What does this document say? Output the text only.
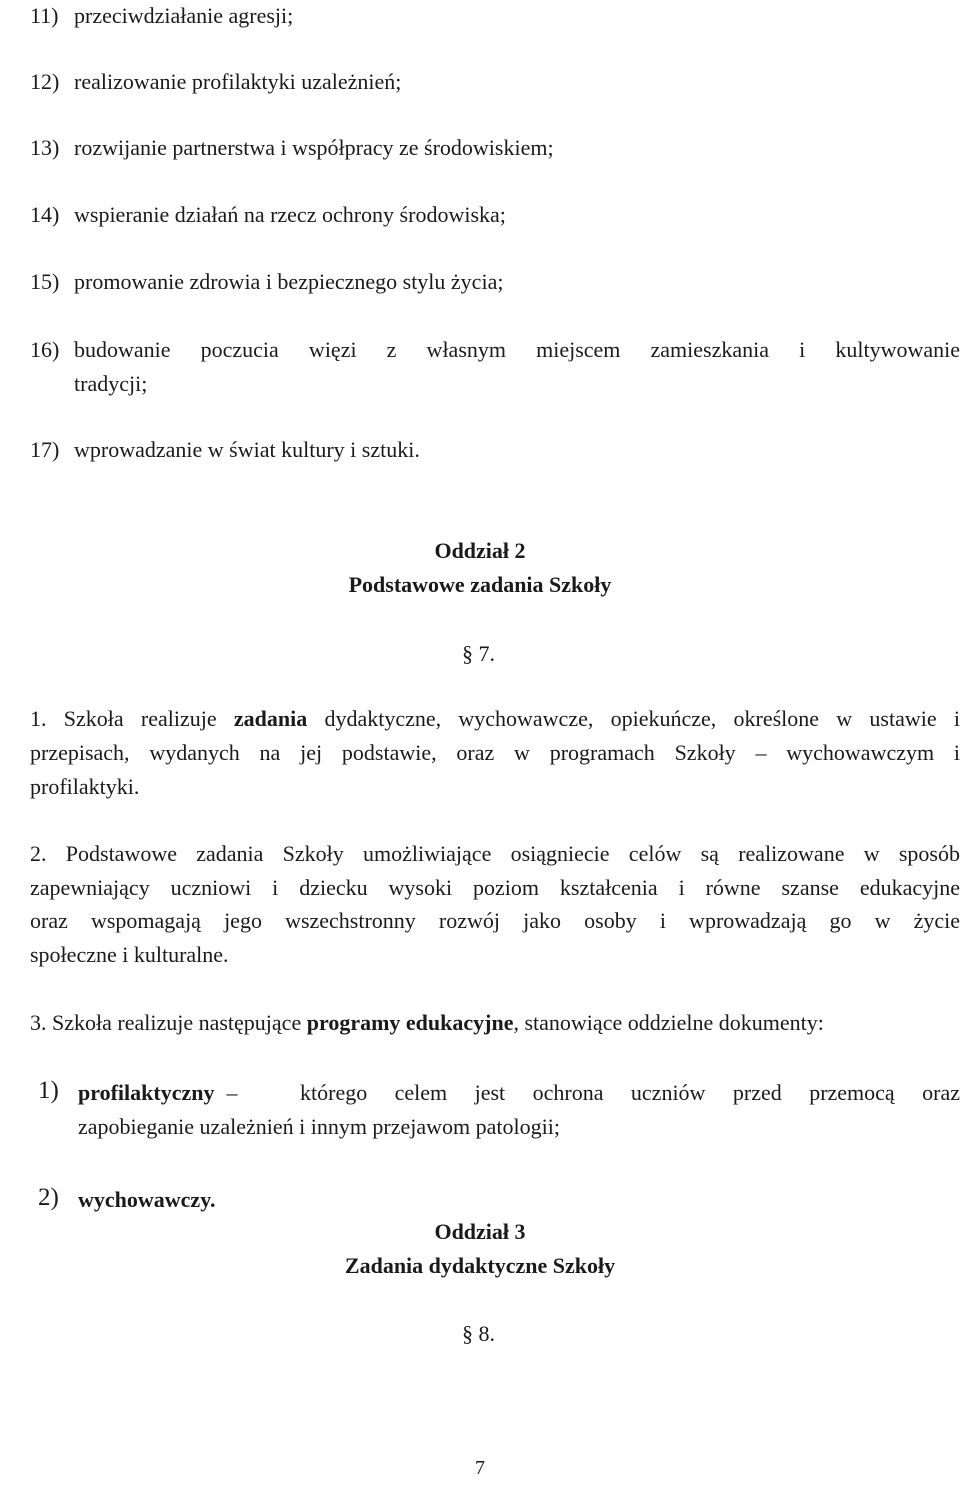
11) przeciwdziałanie agresji;
12) realizowanie profilaktyki uzależnień;
13) rozwijanie partnerstwa i współpracy ze środowiskiem;
14) wspieranie działań na rzecz ochrony środowiska;
15) promowanie zdrowia i bezpiecznego stylu życia;
16) budowanie poczucia więzi z własnym miejscem zamieszkania i kultywowanie
tradycji;
17) wprowadzanie w świat kultury i sztuki.
Oddział 2
Podstawowe zadania Szkoły
§ 7.
1. Szkoła realizuje zadania dydaktyczne, wychowawcze, opiekuńcze, określone w ustawie i
przepisach, wydanych na jej podstawie, oraz w programach Szkoły – wychowawczym i
profilaktyki.
2. Podstawowe zadania Szkoły umożliwiające osiągniecie celów są realizowane w sposób
zapewniający uczniowi i dziecku wysoki poziom kształcenia i równe szanse edukacyjne
oraz wspomagają jego wszechstronny rozwój jako osoby i wprowadzają go w życie
społeczne i kulturalne.
3. Szkoła realizuje następujące programy edukacyjne, stanowiące oddzielne dokumenty:
1) profilaktyczny –	którego celem jest ochrona uczniów przed przemocą oraz
zapobieganie uzależnień i innym przejawom patologii;
2) wychowawczy.
Oddział 3
Zadania dydaktyczne Szkoły
§ 8.
7
